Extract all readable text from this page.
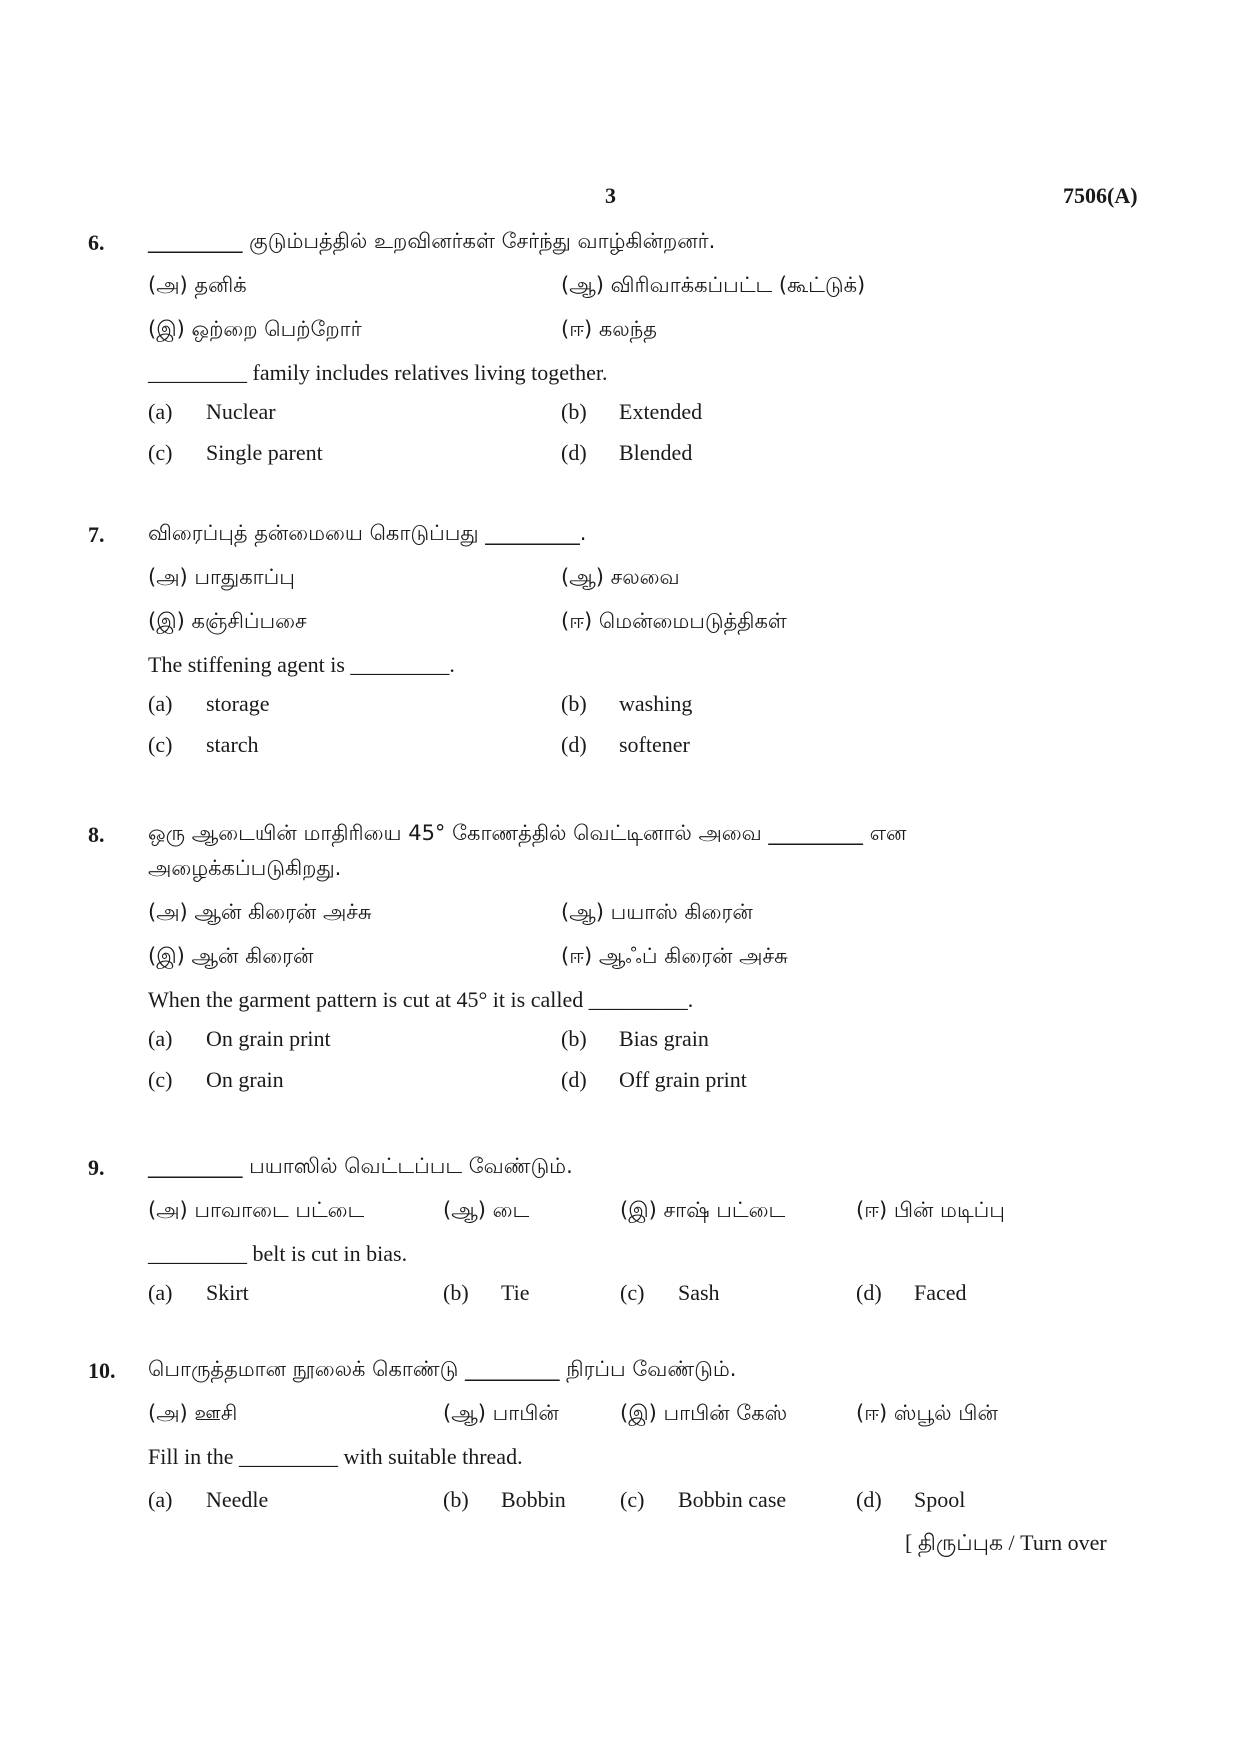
3	7506(A)
6. _________ குடும்பத்தில் உறவினர்கள் சேர்ந்து வாழ்கின்றனர்.
(அ) தனிக்	(ஆ) விரிவாக்கப்பட்ட (கூட்டுக்)
(இ) ஒற்றை பெற்றோர்	(ஈ) கலந்த
_________ family includes relatives living together.
(a) Nuclear	(b) Extended
(c) Single parent	(d) Blended
7. விரைப்புத் தன்மையை கொடுப்பது _________.
(அ) பாதுகாப்பு	(ஆ) சலவை
(இ) கஞ்சிப்பசை	(ஈ) மென்மைபடுத்திகள்
The stiffening agent is _________.
(a) storage	(b) washing
(c) starch	(d) softener
8. ஒரு ஆடையின் மாதிரியை 45° கோணத்தில் வெட்டினால் அவை _________ என
அழைக்கப்படுகிறது.
(அ) ஆன் கிரைன் அச்சு	(ஆ) பயாஸ் கிரைன்
(இ) ஆன் கிரைன்	(ஈ) ஆஃப் கிரைன் அச்சு
When the garment pattern is cut at 45° it is called _________.
(a) On grain print	(b) Bias grain
(c) On grain	(d) Off grain print
9. _________ பயாஸில் வெட்டப்பட வேண்டும்.
(அ) பாவாடை பட்டை	(ஆ) டை	(இ) சாஷ் பட்டை	(ஈ) பின் மடிப்பு
_________ belt is cut in bias.
(a) Skirt	(b) Tie	(c) Sash	(d) Faced
10. பொருத்தமான நூலைக் கொண்டு _________ நிரப்ப வேண்டும்.
(அ) ஊசி	(ஆ) பாபின்	(இ) பாபின் கேஸ்	(ஈ) ஸ்பூல் பின்
Fill in the _________ with suitable thread.
(a) Needle	(b) Bobbin (c) Bobbin case	(d) Spool
[ திருப்புக / Turn over
